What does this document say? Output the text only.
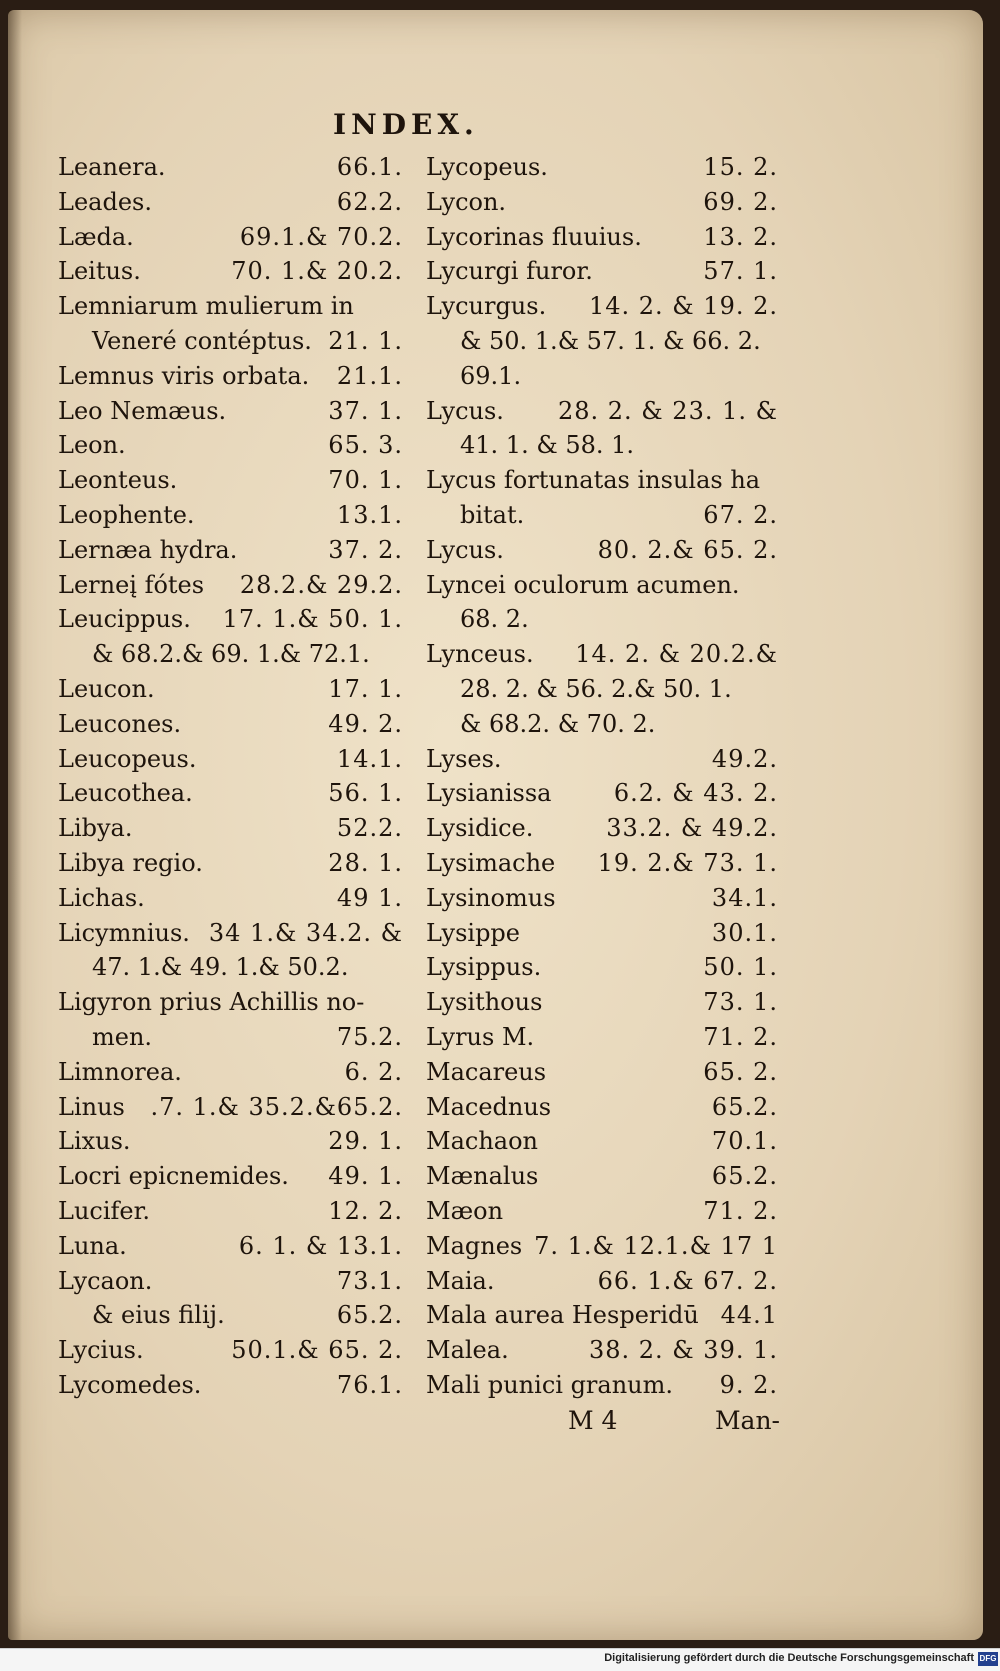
INDEX.
Leanera.	66.1.
Leades.	62.2.
Læda.	69.1.& 70.2.
Leitus.	70. 1.& 20.2.
Lemniarum mulierum in
Veneré contéptus. 21. 1.
Lemnus viris orbata.	21.1.
Leo Nemæus.	37. 1.
Leon.	65. 3.
Leonteus.	70. 1.
Leophente.	13.1.
Lernæa hydra.	37. 2.
Lerneį fótes	28.2.& 29.2.
Leucippus.	17. 1.& 50. 1.
& 68.2.& 69. 1.& 72.1.
Leucon.	17. 1.
Leucones.	49. 2.
Leucopeus.	14.1.
Leucothea.	56. 1.
Libya.	52.2.
Libya regio.	28. 1.
Lichas.	49 1.
Licymnius. 34 1.& 34.2. &
47. 1.& 49. 1.& 50.2.
Ligyron prius Achillis no-
men.	75.2.
Limnorea.	6. 2.
Linus	.7. 1.& 35.2.&65.2.
Lixus.	29. 1.
Locri epicnemides.	49. 1.
Lucifer.	12. 2.
Luna.	6. 1. & 13.1.
Lycaon.	73.1.
& eius filij.	65.2.
Lycius.	50.1.& 65. 2.
Lycomedes.	76.1.
Lycopeus.	15. 2.
Lycon.	69. 2.
Lycorinas fluuius.	13. 2.
Lycurgi furor.	57. 1.
Lycurgus.	14. 2. & 19. 2.
& 50. 1.& 57. 1. & 66. 2.
69.1.
Lycus.	28. 2. & 23. 1. &
41. 1. & 58. 1.
Lycus fortunatas insulas ha
bitat.	67. 2.
Lycus.	80. 2.& 65. 2.
Lyncei oculorum acumen.
68. 2.
Lynceus.	14. 2. & 20.2.&
28. 2. & 56. 2.& 50. 1.
& 68.2. & 70. 2.
Lyses.	49.2.
Lysianissa	6.2. & 43. 2.
Lysidice.	33.2. & 49.2.
Lysimache	19. 2.& 73. 1.
Lysinomus	34.1.
Lysippe	30.1.
Lysippus.	50. 1.
Lysithous	73. 1.
Lyrus M.	71. 2.
Macareus	65. 2.
Macednus	65.2.
Machaon	70.1.
Mænalus	65.2.
Mæon	71. 2.
Magnes 7. 1.& 12.1.& 17 1
Maia.	66. 1.& 67. 2.
Mala aurea Hesperidū 44.1
Malea.	38. 2. & 39. 1.
Mali punici granum.	9. 2.
M 4	Man-
Digitalisierung gefördert durch die Deutsche Forschungsgemeinschaft DFG
